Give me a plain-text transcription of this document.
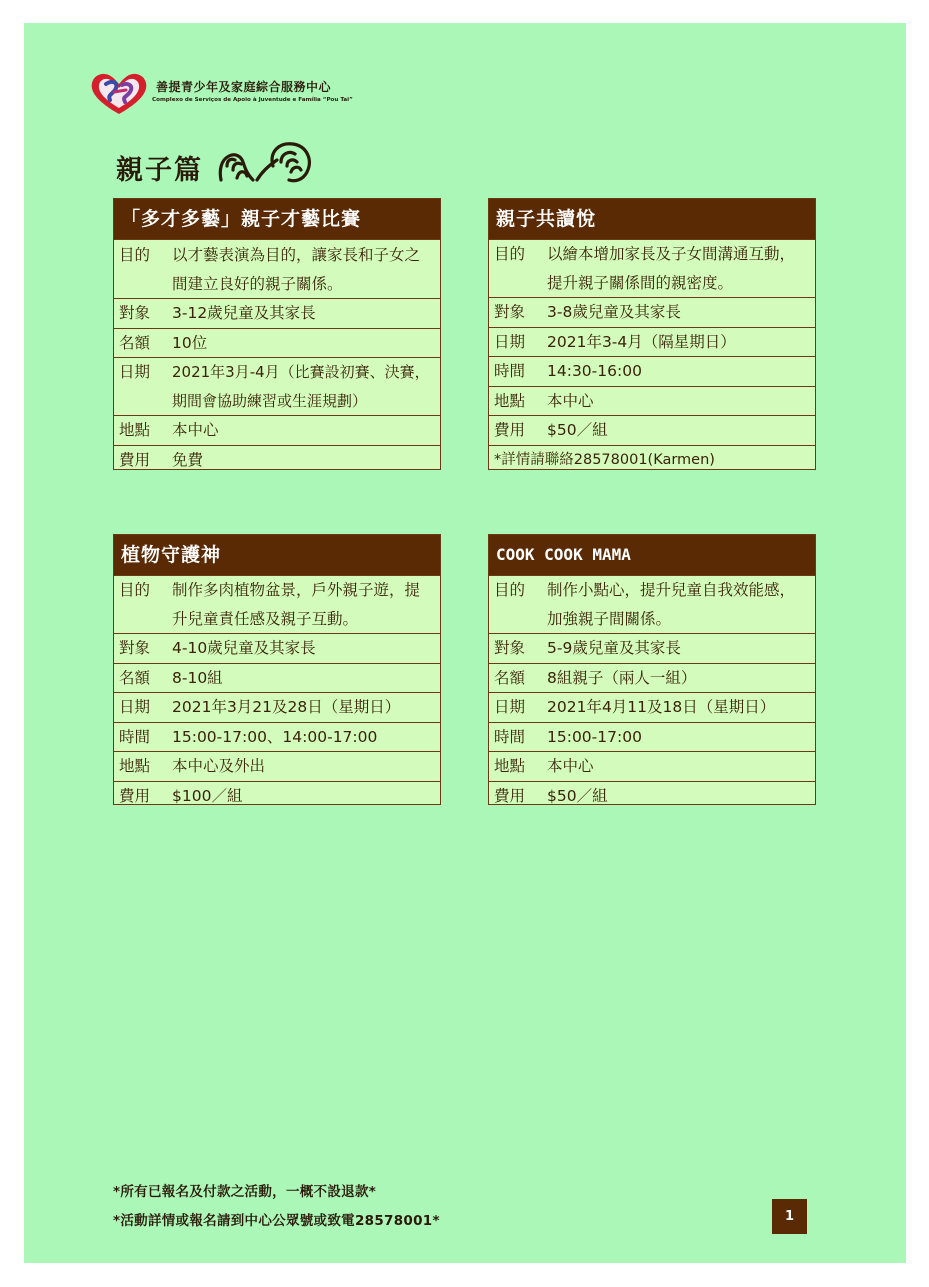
善提青少年及家庭綜合服務中心
Complexo de Serviços de Apoio à Juventude e Família “Pou Tai”
親子篇
「多才多藝」親子才藝比賽
目的	以才藝表演為目的，讓家長和子女之間建立良好的親子關係。
對象	3-12歲兒童及其家長
名額	10位
日期	2021年3月-4月（比賽設初賽、決賽，期間會協助練習或生涯規劃）
地點	本中心
費用	免費
親子共讀悅
目的	以繪本增加家長及子女間溝通互動，提升親子關係間的親密度。
對象	3-8歲兒童及其家長
日期	2021年3-4月（隔星期日）
時間	14:30-16:00
地點	本中心
費用	$50／組
*詳情請聯絡28578001(Karmen)
植物守護神
目的	制作多肉植物盆景，戶外親子遊，提升兒童責任感及親子互動。
對象	4-10歲兒童及其家長
名額	8-10組
日期	2021年3月21及28日（星期日）
時間	15:00-17:00、14:00-17:00
地點	本中心及外出
費用	$100／組
COOK COOK MAMA
目的	制作小點心，提升兒童自我效能感，加強親子間關係。
對象	5-9歲兒童及其家長
名額	8組親子（兩人一組）
日期	2021年4月11及18日（星期日）
時間	15:00-17:00
地點	本中心
費用	$50／組
*所有已報名及付款之活動，一概不設退款*
*活動詳情或報名請到中心公眾號或致電28578001*	1
